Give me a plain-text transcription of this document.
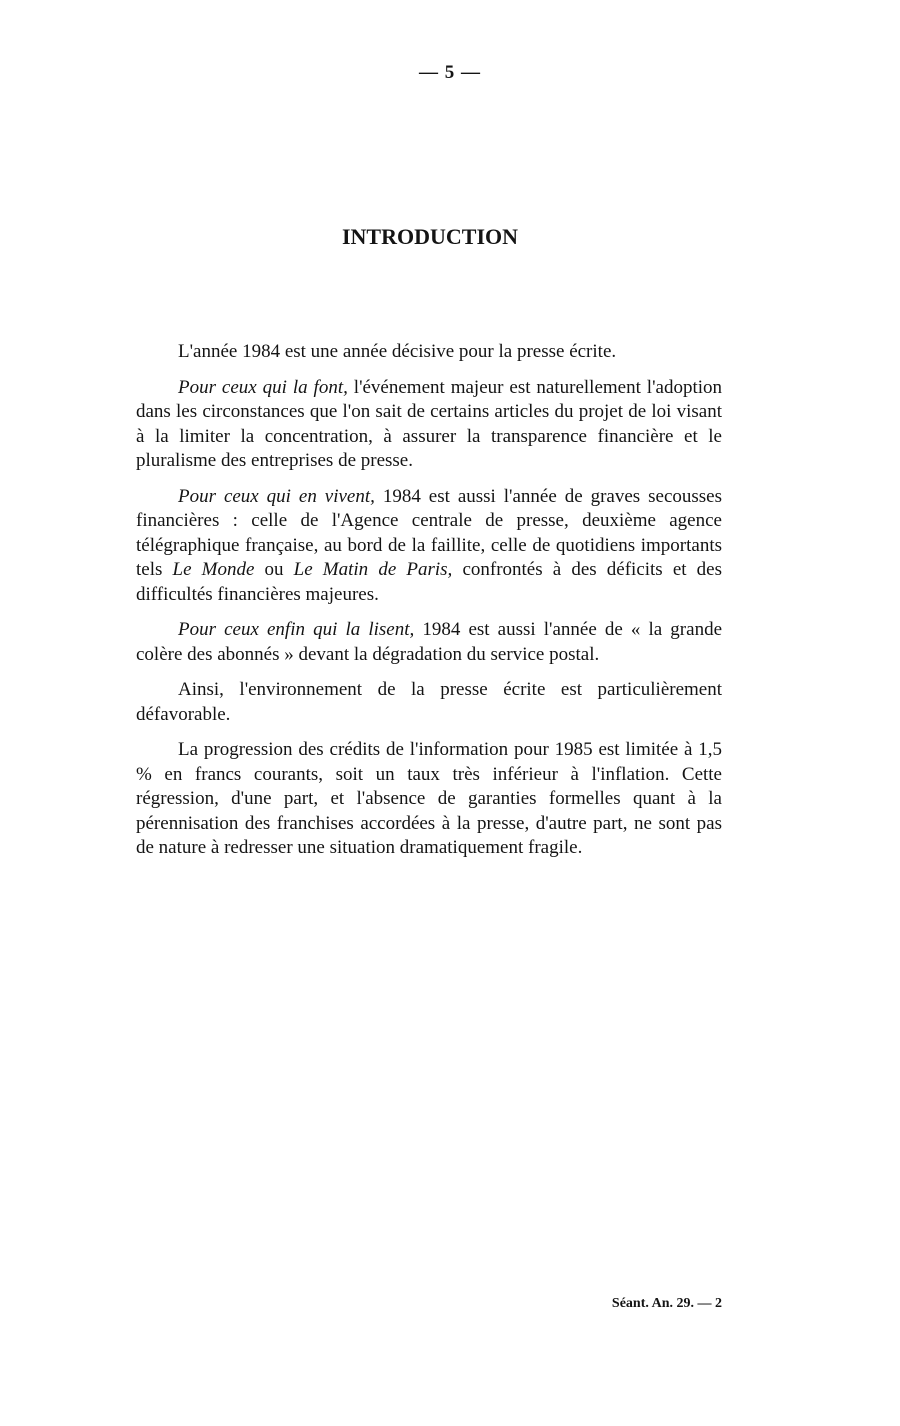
— 5 —
INTRODUCTION

L'année 1984 est une année décisive pour la presse écrite.

Pour ceux qui la font, l'événement majeur est naturellement l'adoption dans les circonstances que l'on sait de certains articles du projet de loi visant à la limiter la concentration, à assurer la transparence financière et le pluralisme des entreprises de presse.

Pour ceux qui en vivent, 1984 est aussi l'année de graves secousses financières : celle de l'Agence centrale de presse, deuxième agence télégraphique française, au bord de la faillite, celle de quotidiens importants tels Le Monde ou Le Matin de Paris, confrontés à des déficits et des difficultés financières majeures.

Pour ceux enfin qui la lisent, 1984 est aussi l'année de « la grande colère des abonnés » devant la dégradation du service postal.

Ainsi, l'environnement de la presse écrite est particulièrement défavorable.

La progression des crédits de l'information pour 1985 est limitée à 1,5 % en francs courants, soit un taux très inférieur à l'inflation. Cette régression, d'une part, et l'absence de garanties formelles quant à la pérennisation des franchises accordées à la presse, d'autre part, ne sont pas de nature à redresser une situation dramatiquement fragile.

Séant. An. 29. — 2
